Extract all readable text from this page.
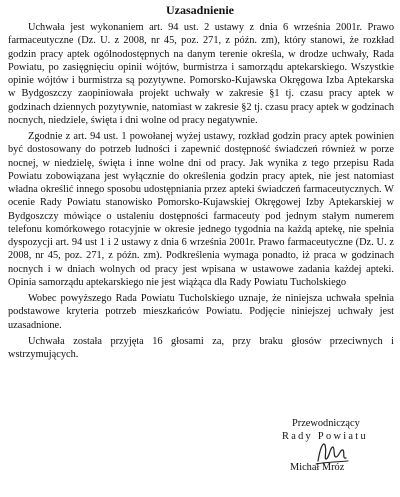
Uzasadnienie

Uchwała jest wykonaniem art. 94 ust. 2 ustawy z dnia 6 września 2001r. Prawo farmaceutyczne (Dz. U. z 2008, nr 45, poz. 271, z późn. zm), który stanowi, że rozkład godzin pracy aptek ogólnodostępnych na danym terenie określa, w drodze uchwały, Rada Powiatu, po zasięgnięciu opinii wójtów, burmistrza i samorządu aptekarskiego. Wszystkie opinie wójtów i burmistrza są pozytywne. Pomorsko-Kujawska Okręgowa Izba Aptekarska w Bydgoszczy zaopiniowała projekt uchwały w zakresie §1 tj. czasu pracy aptek w godzinach dziennych pozytywnie, natomiast w zakresie §2 tj. czasu pracy aptek w godzinach nocnych, niedziele, święta i dni wolne od pracy negatywnie.

Zgodnie z art. 94 ust. 1 powołanej wyżej ustawy, rozkład godzin pracy aptek powinien być dostosowany do potrzeb ludności i zapewnić dostępność świadczeń również w porze nocnej, w niedzielę, święta i inne wolne dni od pracy. Jak wynika z tego przepisu Rada Powiatu zobowiązana jest wyłącznie do określenia godzin pracy aptek, nie jest natomiast władna określić innego sposobu udostępniania przez apteki świadczeń farmaceutycznych. W ocenie Rady Powiatu stanowisko Pomorsko-Kujawskiej Okręgowej Izby Aptekarskiej w Bydgoszczy mówiące o ustaleniu dostępności farmaceuty pod jednym stałym numerem telefonu komórkowego rotacyjnie w okresie jednego tygodnia na każdą aptekę, nie spełnia dyspozycji art. 94 ust 1 i 2 ustawy z dnia 6 września 2001r. Prawo farmaceutyczne (Dz. U. z 2008, nr 45, poz. 271, z późn. zm). Podkreślenia wymaga ponadto, iż praca w godzinach nocnych i w dniach wolnych od pracy jest wpisana w ustawowe zadania każdej apteki. Opinia samorządu aptekarskiego nie jest wiążąca dla Rady Powiatu Tucholskiego

Wobec powyższego Rada Powiatu Tucholskiego uznaje, że niniejsza uchwała spełnia podstawowe kryteria potrzeb mieszkańców Powiatu. Podjęcie niniejszej uchwały jest uzasadnione.

Uchwała została przyjęta 16 głosami za, przy braku głosów przeciwnych i wstrzymujących.

Przewodniczący
Rady Powiatu
Michał Mróz
